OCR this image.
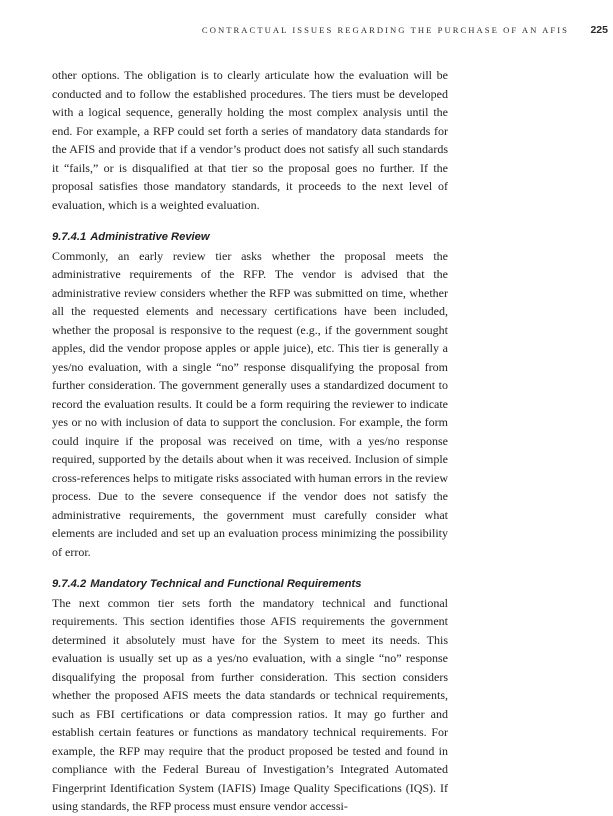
CONTRACTUAL ISSUES REGARDING THE PURCHASE OF AN AFIS 225

other options. The obligation is to clearly articulate how the evaluation will be conducted and to follow the established procedures. The tiers must be developed with a logical sequence, generally holding the most complex analysis until the end. For example, a RFP could set forth a series of mandatory data standards for the AFIS and provide that if a vendor’s product does not satisfy all such standards it “fails,” or is disqualified at that tier so the proposal goes no further. If the proposal satisfies those mandatory standards, it proceeds to the next level of evaluation, which is a weighted evaluation.

9.7.4.1 Administrative Review

Commonly, an early review tier asks whether the proposal meets the administrative requirements of the RFP. The vendor is advised that the administrative review considers whether the RFP was submitted on time, whether all the requested elements and necessary certifications have been included, whether the proposal is responsive to the request (e.g., if the government sought apples, did the vendor propose apples or apple juice), etc. This tier is generally a yes/no evaluation, with a single “no” response disqualifying the proposal from further consideration. The government generally uses a standardized document to record the evaluation results. It could be a form requiring the reviewer to indicate yes or no with inclusion of data to support the conclusion. For example, the form could inquire if the proposal was received on time, with a yes/no response required, supported by the details about when it was received. Inclusion of simple cross-references helps to mitigate risks associated with human errors in the review process. Due to the severe consequence if the vendor does not satisfy the administrative requirements, the government must carefully consider what elements are included and set up an evaluation process minimizing the possibility of error.

9.7.4.2 Mandatory Technical and Functional Requirements

The next common tier sets forth the mandatory technical and functional requirements. This section identifies those AFIS requirements the government determined it absolutely must have for the System to meet its needs. This evaluation is usually set up as a yes/no evaluation, with a single “no” response disqualifying the proposal from further consideration. This section considers whether the proposed AFIS meets the data standards or technical requirements, such as FBI certifications or data compression ratios. It may go further and establish certain features or functions as mandatory technical requirements. For example, the RFP may require that the product proposed be tested and found in compliance with the Federal Bureau of Investigation’s Integrated Automated Fingerprint Identification System (IAFIS) Image Quality Specifications (IQS). If using standards, the RFP process must ensure vendor accessi-
